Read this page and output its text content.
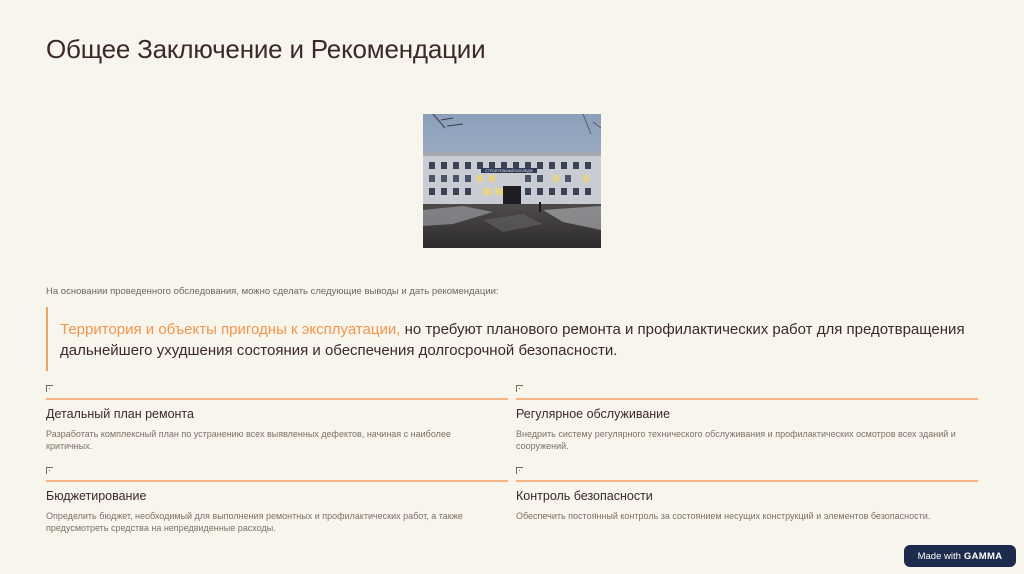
Общее Заключение и Рекомендации
СТРОИТЕЛЬНЫЙ КОЛЛЕДЖ
На основании проведенного обследования, можно сделать следующие выводы и дать рекомендации:
Территория и объекты пригодны к эксплуатации, но требуют планового ремонта и профилактических работ для предотвращения дальнейшего ухудшения состояния и обеспечения долгосрочной безопасности.
Детальный план ремонта
Разработать комплексный план по устранению всех выявленных дефектов, начиная с наиболее критичных.
Регулярное обслуживание
Внедрить систему регулярного технического обслуживания и профилактических осмотров всех зданий и сооружений.
Бюджетирование
Определить бюджет, необходимый для выполнения ремонтных и профилактических работ, а также предусмотреть средства на непредвиденные расходы.
Контроль безопасности
Обеспечить постоянный контроль за состоянием несущих конструкций и элементов безопасности.
Made with GAMMA
